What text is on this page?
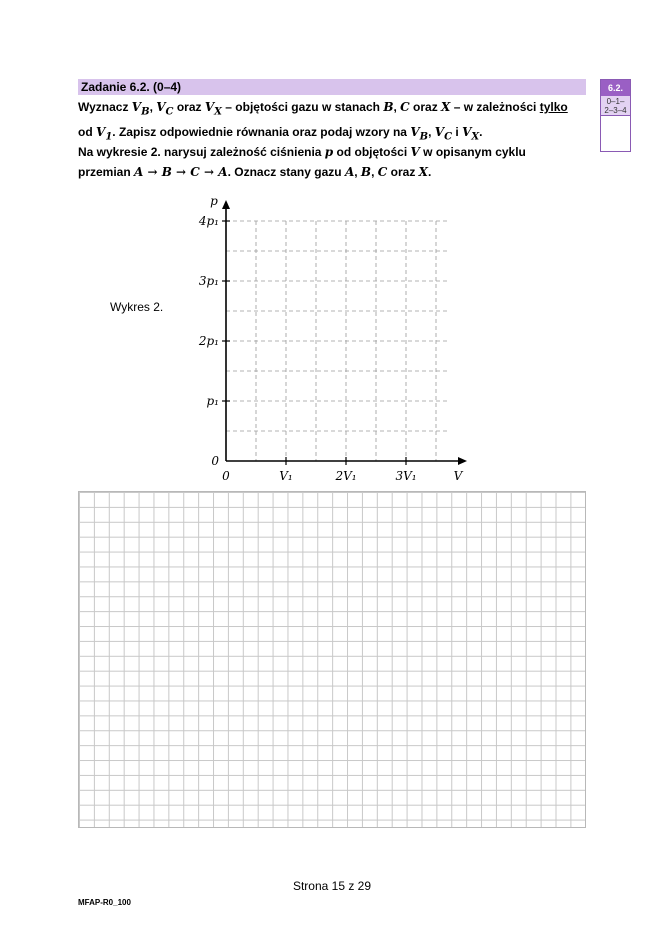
Zadanie 6.2. (0–4)	6.2.
0–1–
2–3–4
Wyznacz $V_B$, $V_C$ oraz $V_X$ – objętości gazu w stanach B, C oraz X – w zależności tylko
od $V_1$. Zapisz odpowiednie równania oraz podaj wzory na $V_B$, $V_C$ i $V_X$.
Na wykresie 2. narysuj zależność ciśnienia p od objętości V w opisanym cyklu
przemian A → B → C → A. Oznacz stany gazu A, B, C oraz X.
Wykres 2.
V
p
0	V₁	2V₁	3V₁
0
p₁
2p₁
3p₁
4p₁
Strona 15 z 29
MFAP-R0_100
